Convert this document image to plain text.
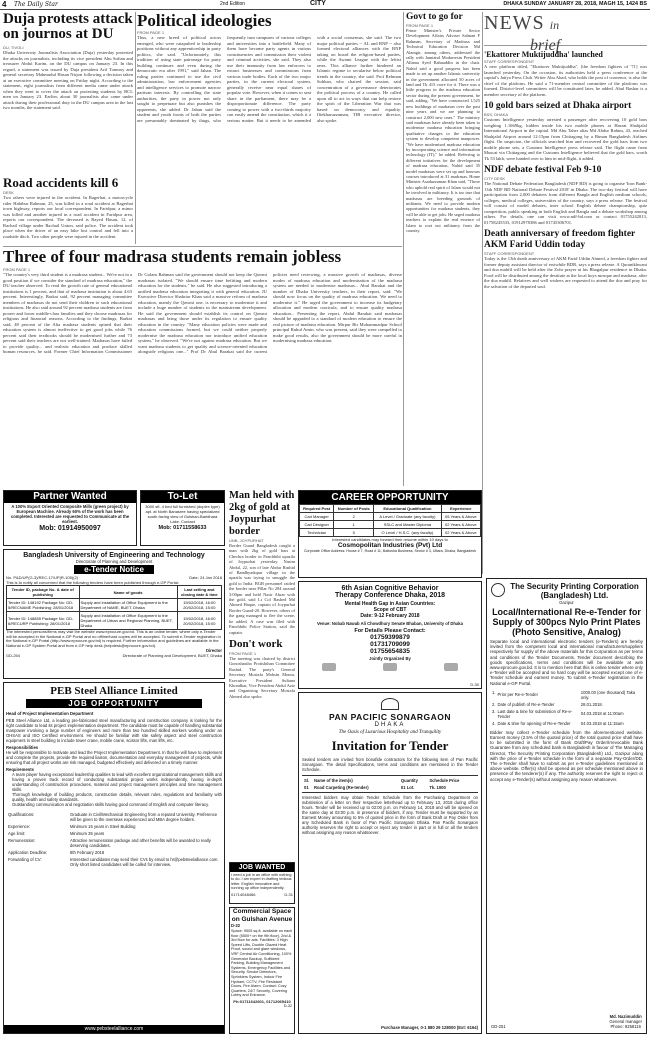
4 The Daily Star	2nd Edition	CITY	DHAKA SUNDAY JANUARY 28, 2018, MAGH 15, 1424 BS
Duja protests attack on journos at DU
DU, TIVOLI
Dhaka University Journalists Association (Duja) yesterday protested the attacks on journalists, including its vice president Abu Sufian and treasurer Abdul Karim, on the DU campus on January 23. In this regard, a statement was issued by Duja president Arif Tonmoy and general secretary Mahmudul Hasan Nirjon following a decision taken at an executive committee meeting on Friday night. According to the statement, eight journalists from different media came under attack when they went to cover the attack on protesting students by BCL men on January 23. Earlier, about 30 journalists also came under attack during their professional duty in the DU campus area in the last two months, the statement said.
Road accidents kill 6
DESK
Two others were injured in the accident. In Bagerhat, a motorcycle rider Habibur Rahman, 25, was killed in a road accident at Bagerhat town highway, reports our local correspondent. In Faridpur, a minor was killed and another injured in a road accident in Faridpur area, reports our correspondent. The deceased is Rayed Hasan, 12, of Rachail village under Rachail Union, said police. The accident took place when the driver of an easy bike lost control and fell into a roadside ditch. Two other people were injured in the accident.
Political ideologies
FROM PAGE 1
Thus, a new breed of political actors emerged, who were catapulted to leadership positions without any apprenticeship in party politics, she said. "Unfortunately, this tradition of using state patronage for party building continues and even during the democratic era after 1991," said Jahan. The ruling parties continued to use the civil administration, law enforcement agencies and intelligence services to promote narrow partisan interests. By controlling the state authorities, the party in power not only sought to perpetuate but also punishes the opponents, she added. Dr Jahan said the student and youth fronts of both the parties are presumably dominated by thugs, who frequently turn campuses of various colleges and universities into a battlefield. Many of them have become party agents in various constituencies and commission their violent and criminal activities, she said. They also use their immunity from law enforcers to extract businesses and commissions from various trade bodies. Each of the two major parties, in the current electoral system, generally receive near equal shares of popular vote. However, when it comes to seat share in the parliament, there may be a disproportionate difference. The party coming to power with a two-thirds majority can easily amend the constitution, which it a serious matter. But it needs to be amended with a social consensus, she said. The two major political parties -- AL and BNP -- also formed electoral alliances with the BNP taking on board the religion-based parties, while the Awami League with the leftist ones. This alliance further hindered an Islamic regime to secularise below political trends in the country, she said. Prof Rehman Sobhan, who chaired the session, said concentration of a governance deteriorates the political process of a country. He called upon all to act in ways that can help restore the spirit of the Liberation War that was based on democracy and equality. Iftekharuzzaman, TIB executive director, also spoke.
Govt to go for
FROM PAGE 1
Prime Minister's Private Sector Development Affairs Adviser Salman F Rahman, Secretary of Madrasa and Technical Education Division Md Alamgir, among others, addressed the rally with Jamiatul Modarresin President Allama Syed Bahauddin in the chair. Nahid said a good progress has been made to set up another Islamic university in the government allocated 50 acres of land and Tk 415 crore for it. There was a little progress in the madrasa education sector during the present government, he said, adding, "We have constructed 1,525 new buildings of madrasas over the past nine years and we are planning to construct 2,000 new ones." The ministry said madrasas have already been taken to modernise madrasa education bringing qualitative changes to the education system to develop competent manpower. "We have modernised madrasa education by incorporating science and information technology (IT)," he added. Referring to different initiatives for the development of madrasa education, Nahid said 35 model madrasas were set up and honours courses introduced at 31 madrasas. Home Minister Asaduzzaman Khan said, "Those who uphold real spirit of Islam would not be involved in militancy. It is too true that madrasas are breeding grounds of militants. We need to provide modern opportunities for madrasa students, they will be able to get jobs. He urged madrasa teachers to explain the real essence of Islam to root out militancy from the country.
Three of four madrasa students remain jobless
FROM PAGE 1
"The country's very third student is a madrasa student... We're not in a good position if we consider the standard of madrasa education," the DU teacher observed. To read the growth rate of general educational institutions is 1 percent, and that of madrasa institution is about 4.63 percent. Interestingly, Barkat said, 92 percent managing committee members of madrasas do not send their children to such educational institutions. He also said around 92 percent madrasa students are from poorer and lower middle-class families and they choose madrasas for religious and financial reasons. According to the findings, Barkat said, 48 percent of the Alia madrasa students opined that their education system is almost ineffective to get good jobs while 76 percent said their textbooks should be modernised further and 73 percent said their teachers are not well-trained. Madrasas have failed to provide quality... and realistic education and produce skilled human resources, he said. Former Chief Information Commissioner Dr Golam Rahman said the government should not keep the Qawmi madrasas isolated. "We should ensure time befitting and modern education for the students," he said. He also suggested introducing a unified madrasa education integrating it with general education. JU Executive Director Shahriar Khan said a massive reform of madrasa education, mainly the Qawmi one, is necessary to modernise it and include a huge number of students in the mainstream development. He said the government should establish its control on Qawmi madrasas and bring those under its regulation to ensure quality education in the country. "Many education policies were made and education commissions formed, but we could neither properly modernise the madrasa education nor introduce unified education system," he observed. "We're not against madrasa education. But we want madrasa students to get quality and science-oriented education alongside religious one..." Prof Dr Abul Barakat said the current policies need reviewing, a massive growth of madrasas, diverse modes of madrasa education and modernisation of the madrasa system are needed to modernise madrasas... Abul Barakat and the number of Dhaka University teachers, in their report, said: "We should now focus on the quality of madrasa education. We need to modernise it." He urged the government to increase its budgetary allocation and modern curricula, and to ensure quality madrasa education... Presenting the report, Abdul Barakat said madrasas should be upgraded to a standard of modern education to ensure the real picture of madrasa education. Mirpur Bir Mohammadpur School principal Ruhul Amin, who was present, said they were compelled to make good results, also the government should be more careful in modernising madrasa education.
NEWS in
brief
'Ekattorer Muktijuddha' launched
STAFF CORRESPONDENT
A new platform titled, "Ekattorer Muktijuddha", [the freedom fighters of '71] was launched yesterday. On the occasion, its authorities held a press conference at the capital's Jatiya Press Club. Writer Abu Ahad, who holds the post of convenor, is also the chief of the platform. He said a 71-member central committee of the platform was formed. District-level committees will be constituted later, he added. Abul Bashar is a member secretary of the platform.
10 gold bars seized at Dhaka airport
BSS, DHAKA
Customs Intelligence yesterday arrested a passenger after recovering 10 gold bars weighing 1.1669kg, hidden inside his two mobile phones at Hazrat Shahjalal International Airport in the capital. Md Abu Taher alias Md Abdur Rahim, 43, reached Shahjalal Airport around 12:15pm from Chittagong by a Biman Bangladesh Airlines flight. On suspicion, the officials searched him and recovered the gold bars from two mobile phone sets, a Customs Intelligence press release said. The flight came from Muscat via Chittagong and the Customs Intelligence believed that the gold bars, worth Tk 53 lakh, were handed over to him in mid-flight, it added.
NDF debate festival Feb 9-10
CITY DESK
The National Debate Federation Bangladesh (NDF BD) is going to organise 'Iron Bank-13th NDF BD National Debate Festival 2018' in Dhaka. The two-day festival will have participation from 2,000 debaters from different Bangla and English medium schools, colleges, medical colleges, universities of the country, says a press release. The festival will consist of model debates, inter school English debate championship, quiz competition, public speaking in both English and Bangla and a debate workshop among others. For details, one can visit www.ndf-bd.com or contact 01755242813, 01758245533, 01912978386 and 01745306701.
Death anniversary of freedom fighter AKM Farid Uddin today
STAFF CORRESPONDENT
Today is the 13th death anniversary of AKM Farid Uddin Ahmed, a freedom fighter and former deputy assistant director of erstwhile BDR, says a press release. A Quranikhwani and doa mahfil will be held after the Zohr prayer at his Bhagalpur residence in Dhaka. Food will be distributed among the destitute at the local boys mosque and madrasa, after the doa mahfil. Relatives and well wishers are requested to attend the doa and pray for the salvation of the departed soul.
Partner Wanted
A 100% Export Oriented Composite Mills (green project) by European Machine. Already 60% of the work has been completed. Interested are requested to Communicate at the earliest.
Mob: 01914950097
To-Let
3000 sft. 4 bed full furnished (duplex type) apt. at North Banasree having specialized south facing view of Gulshan-Baridhara Lake. Contact
Mob: 01711558633
Bangladesh University of Engineering and Technology
Directorate of Planning and Development
e-Tender Notice
No. P&D/UP(G-3)/REC-17/UP(R-105)(2)	Date: 24 Jan 2018
This is to notify all concerned that the following tenders have been published through e-GP Portal:
Tender ID, package No. & date of publishing	Name of goods	Last selling and closing date & time
Tender ID: 148192 Package No: GD-5/RECNAME Publishing: 28/01/2018	Supply and installation of Office Equipment to the Department of NAME, BUET, Dhaka	19/02/2018, 16:00 20/02/2018, 15:00
Tender ID: 148855 Package No: GD-6/RECURP Publishing: 28/01/2018	Supply and installation of Office Equipment to the Department of Urban and Regional Planning, BUET, Dhaka	19/02/2018, 16:00 20/02/2018, 15:00
The interested persons/firms may visit the website www.eprocure.gov.bd. This is an online tender, where only e-Tender will be accepted in the National e-GP Portal and no offline/hard copies will be accepted. To submit e-Tender registration in the National e-GP Portal (http://www.eprocure.gov.bd) is required. Further information and guidelines are available in the National e-GP System Portal and from e-GP help desk (helpdesk@eprocure.gov.bd).
Director
GD-254	Directorate of Planning and Development, BUET, Dhaka
PEB Steel Alliance Limited
JOB OPPORTUNITY
Head of Project Implementation Department
PEB Steel Alliance Ltd, a leading pre-fabricated steel manufacturing and construction company is looking for the right candidate to lead its project implementation department. The candidate must be capable of handling substantial manpower involving a large number of engineers and more than two hundred skilled workers working under an OHSAS and ISO Certified environment. He should be familiar with site safety aspect and steel construction equipment in steel building to include tower crane, mobile crane, scissor lifts, man lifts, etc.
Responsibilities
He will be responsible to motivate and lead the Project Implementation Department. In that he will have to implement and complete the projects, provide the required liaison, documentation and everyday management of projects, while ensuring that all project works are risk managed, budgeted effectively and delivered on a timely manner.
Requirements
A team player having exceptional leadership qualities to lead with excellent organizational management skills and having a proven track record of conducting substantial project works independently, having in-depth understanding of construction procedures, material and project management principles and time management skills.
Thorough knowledge of building products, construction details, relevant rules, regulations and familiarity with quality, health and safety standards.
Outstanding communication and negotiation skills having good command of English and computer literacy.
Qualifications:	Graduate in Civil/Mechanical Engineering from a reputed University. Preference will be given to the overseas experienced and MBA degree holders.
Experience:	Minimum 15 years in Steel Building
Age limit:	Minimum 35 years
Remuneration:	Attractive remuneration package and other benefits will be awarded to really deserving candidates.
Application Deadline:	8th February 2018
Forwarding of CV:	Interested candidates may send their CVs by email to hr@pebsteelalliance.com. Only short listed candidates will be called for interview.
www.pebsteelalliance.com
Man held with 2kg of gold at Joypurhat border
UNB, JOYPURHAT
Border Guard Bangladesh caught a man with 2kg of gold bars at Chechra border in Panchbibi upazila of Joypurhat yesterday. Nasim Abdul, 22, son of late Abdur Rashid of Bandhyadupur village in the upazila was trying to smuggle the gold to India. BGB personnel raided the border near Pillar No 284 around 3:00pm and held Nasir Abrar with the gold, said Lt Col Rashed Md Ahmed Haque, captain of Joypurhat Border Guard-20. However, others of the gang managed to flee the scene, he added. A case was filed with Panchbibi Police Station, said the captain.
Don't work
FROM PAGE 1
The meeting was chaired by district Gonoshastho Protishthan Committee Rashid. The party's General Secretary Mostafa Mohsin Montu, Executive President Sultana Khondkar, Vice President Abdul Aziz and Organising Secretary Mostafa Ahmed also spoke.
JOB WANTED
I need a job in an office with nothing to do. I am expert in drafting tedious letter. English innovative and running up office independently.
01714048466	D-31
Commercial Space on Gulshan Avenue
D-32
Space: 9505 sq.ft. available on each floor (5500+ on the 9th floor), 2nd & 3rd floor for ads. Facilities: 3 High Speed Lifts, Double Glazed Heat Proof, sound and glare windows, VRF Central Air Conditioning, 100% Generator Backup, Sufficient Parking, Building Management Systems, Emergency Facilities and Security, Smoke Detectors, Sprinklers System, Indoor Fire Hydrant, CCTV, Fire Resistant Doors, Fire Alarm. Contact: Cozy Quarters, 24/7 Security, Covering Lobby and Entrance.
Ph:01711642601, 01712065410
D-32
CAREER OPPORTUNITY
Required Post	Number of Posts	Educational Qualification	Experience
Cad Manager	2	A Level / Graduate (any faculty)	05 Years & Above
Cad Designer	1	SSLC and Master Diploma	02 Years & Above
Technician	5	O Level / H.S.C. (any faculty)	02 Years & Above
Interested candidates may forward their resume within 10 days to
Cosmopolitan Industries (Pvt) Ltd
Corporate Office Address: House # 7, Road # 11, Baltosha Business, Sector # 3, Uttara, Dhaka, Bangladesh
6th Asian Cognitive Behavior
Therapy Conference Dhaka, 2018
Mental Health Gap in Asian Countries:
Scope of CBT
Date: 9-12 February 2018
Venue: Nobab Nawab Ali Chowdhury Senate Bhaban, University of Dhaka
For Details Please Contact:
01759399879
01731709099
01755654835
Jointly Organized By
D-30
PAN PACIFIC SONARGAON
DHAKA
The Oasis of Luxurious Hospitality and Tranquility
Invitation for Tender
Sealed tenders are invited from bonafide contractors for the following item of Pan Pacific Sonargaon. The detail Specifications, terms and conditions are mentioned in the Tender Schedule.
Sl.	Name of the item(s)	Quantity	Schedule Price
01	Road Carpeting (Re-tender)	01 Lot.	Tk. 1000
Interested bidders may obtain Tender Schedule from the Purchasing Department on submission of a letter on their respective letterhead up to February 13, 2018 during office hours. Tender will be received up to 02:00 p.m. on February 14, 2018 and will be opened on the same day at 03:00 p.m. in presence of bidders, if any. Tender must be supported by an Earnest Money amounting to 5% of quoted price in the form of Bank Draft or Pay Order from any Scheduled Bank in favor of Pan Pacific Sonargaon Dhaka. Pan Pacific Sonargaon authority reserves the right to accept or reject any tender in part or in full or all the tenders without assigning any reason whatsoever.
Purchase Manager, 0-1 880 29 128000 (Ext: 6164)
The Security Printing Corporation (Bangladesh) Ltd.
Gazipur
Local/International Re-e-Tender for Supply of 300pcs Nylo Print Plates (Photo Sensitive, Analog)
Separate local and international electronic tenders (e-Tenders) are hereby invited from the competent local and international manufacturers/suppliers respectively for supply of the above materials for this Corporation as per terms and conditions of the Tender Documents. Tender document describing the goods specifications, terms and conditions will be available at web www.eprocure.gov.bd. It is to mention here that this is online tender where only e-Tender will be accepted and no hard copy will be accepted except one of e-Tender schedule and earnest money. To submit e-Tender registration in the National e-GP Portal.
1.	Prior per Re-e-Tender	1000.00 (one thousand) Taka only.
2.	Date of publish of Re-e-Tender	28.01.2018.
3.	Last date & time for submission of Re-e-Tender	04.03.2018 at 11:00am
4.	Date & time for opening of Re-e-Tender	04.03.2018 at 11:15am
Bidder may collect e-Tender schedule from the aforementioned website. Earnest money (2.5% of the quoted price) of the total quoted price shall have to be submitted in the form of Bank Draft/Pay Order/Irrevocable Bank Guarantee from any scheduled bank in Bangladesh in favour of The Managing Director, The Security Printing Corporation (Bangladesh) Ltd., Gazipur along with the price of e-Tender schedule in the form of a separate Pay-Order/DD. The e-Tender shall have to submit as per e-Tender guidelines mentioned at above website. Offer(s) shall be opened as per schedule mentioned above in presence of the tenderer(s) if any. The authority reserves the right to reject or accept any e-Tender(s) without assigning any reason whatsoever.
Md. Nazimuddin
General manager
Phone: 9258116
GD-251
